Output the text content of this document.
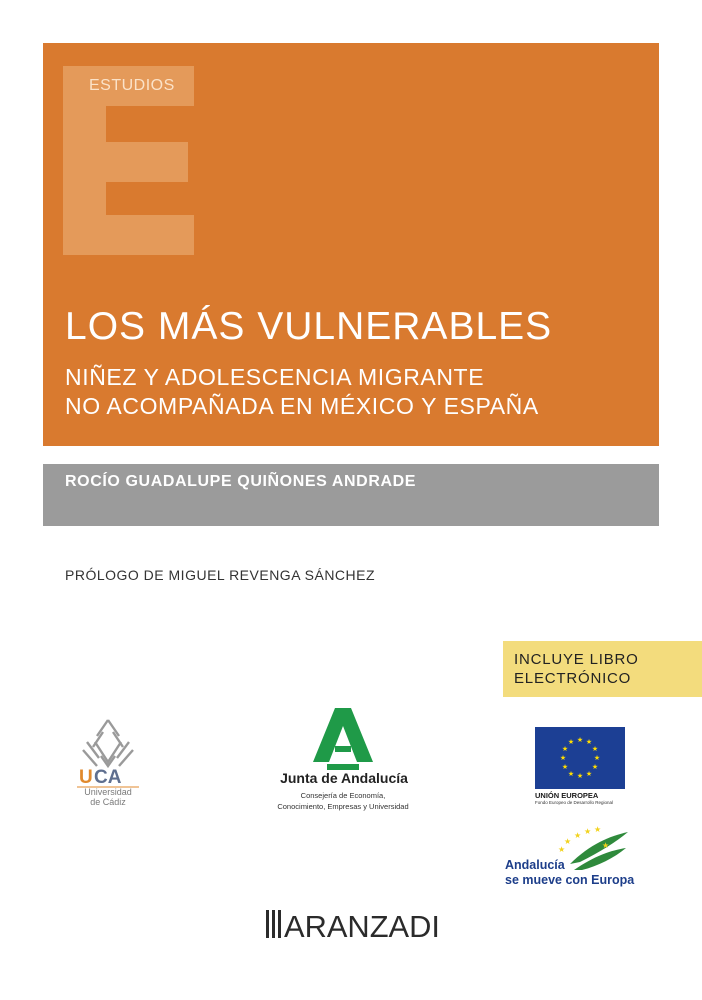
ESTUDIOS
LOS MÁS VULNERABLES
NIÑEZ Y ADOLESCENCIA MIGRANTE
NO ACOMPAÑADA EN MÉXICO Y ESPAÑA
ROCÍO GUADALUPE QUIÑONES ANDRADE
PRÓLOGO DE MIGUEL REVENGA SÁNCHEZ
INCLUYE LIBRO
ELECTRÓNICO
U CA
Universidad
de Cádiz
Junta de Andalucía
Consejería de Economía,
Conocimiento, Empresas y Universidad
★ ★
★
★
★
★
★
★
★
★
★
★
UNIÓN EUROPEA
Fondo Europeo de Desarrollo Regional
★
★ ★ ★
★	★
Andalucía
se mueve con Europa
ARANZADI
